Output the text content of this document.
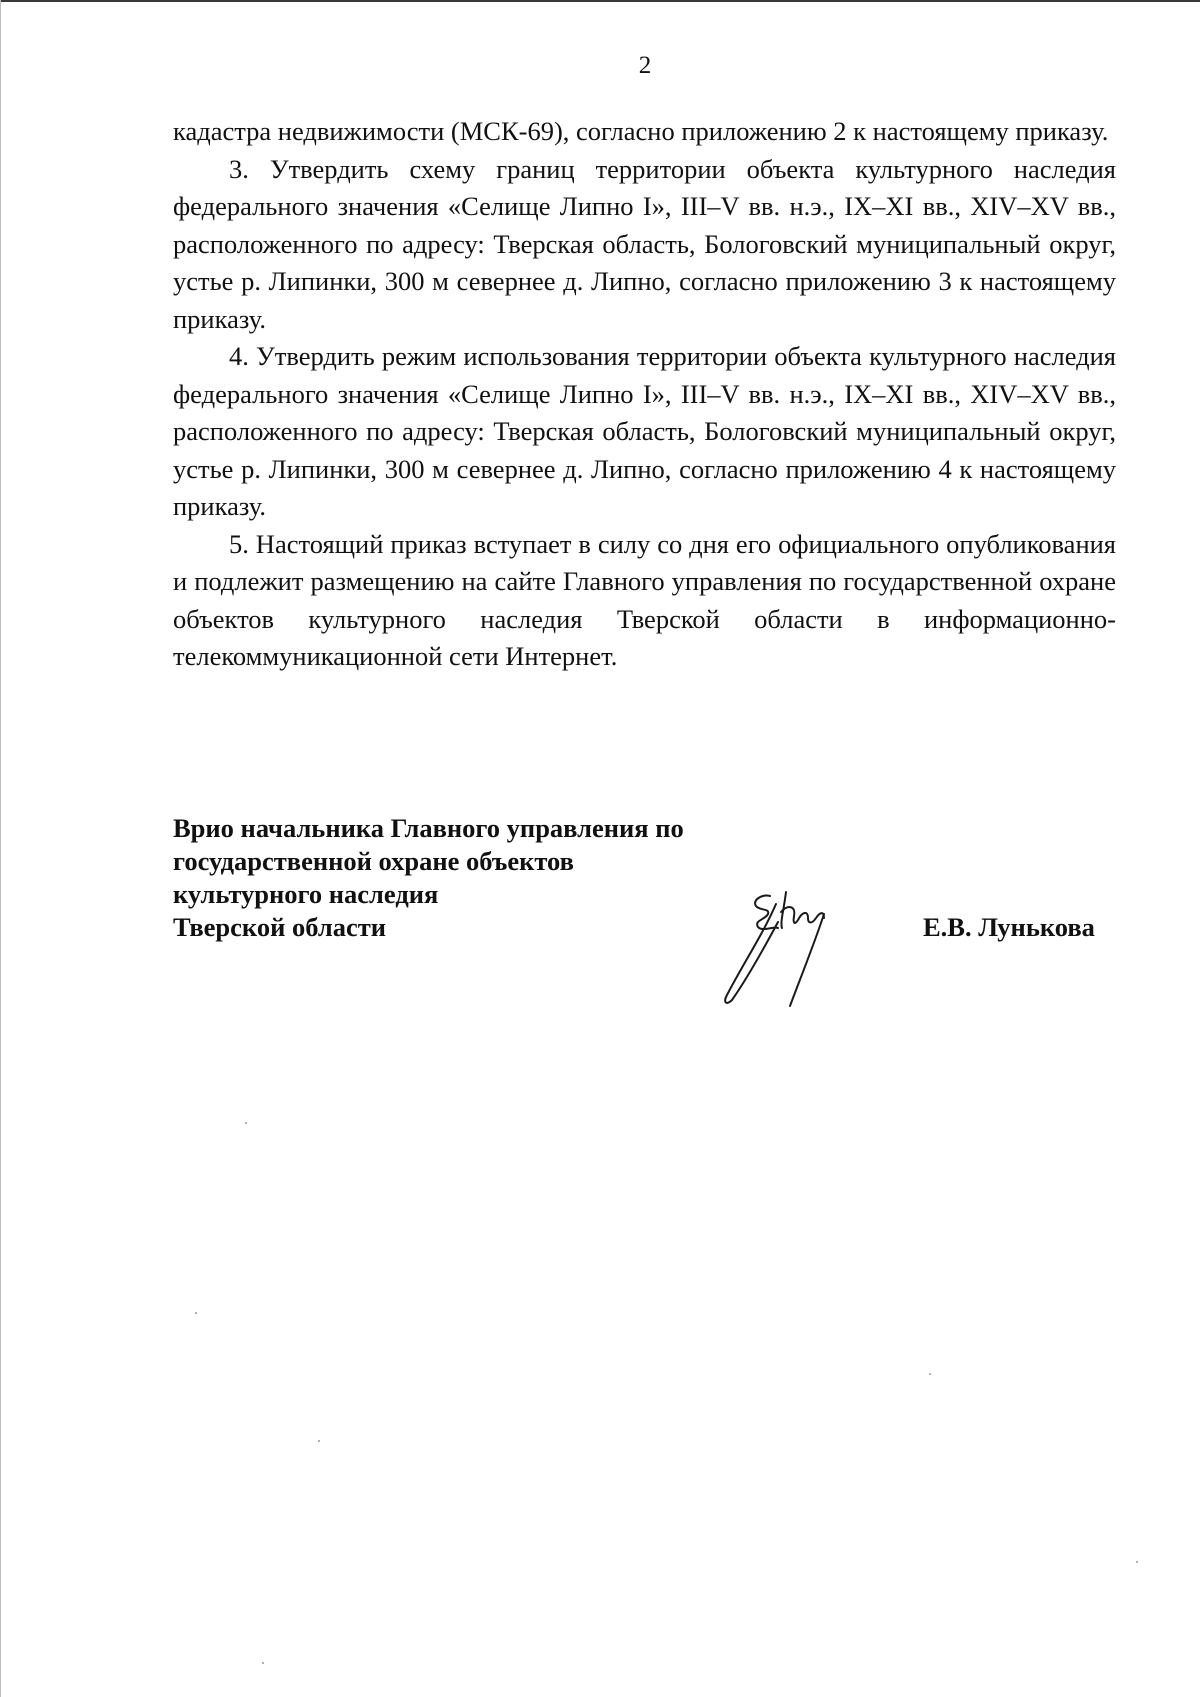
2

кадастра недвижимости (МСК-69), согласно приложению 2 к настоящему приказу.

3. Утвердить схему границ территории объекта культурного наследия федерального значения «Селище Липно I», III–V вв. н.э., IX–XI вв., XIV–XV вв., расположенного по адресу: Тверская область, Бологовский муниципальный округ, устье р. Липинки, 300 м севернее д. Липно, согласно приложению 3 к настоящему приказу.

4. Утвердить режим использования территории объекта культурного наследия федерального значения «Селище Липно I», III–V вв. н.э., IX–XI вв., XIV–XV вв., расположенного по адресу: Тверская область, Бологовский муниципальный округ, устье р. Липинки, 300 м севернее д. Липно, согласно приложению 4 к настоящему приказу.

5. Настоящий приказ вступает в силу со дня его официального опубликования и подлежит размещению на сайте Главного управления по государственной охране объектов культурного наследия Тверской области в информационно-телекоммуникационной сети Интернет.

Врио начальника Главного управления по
государственной охране объектов
культурного наследия
Тверской области	Е.В. Лунькова
